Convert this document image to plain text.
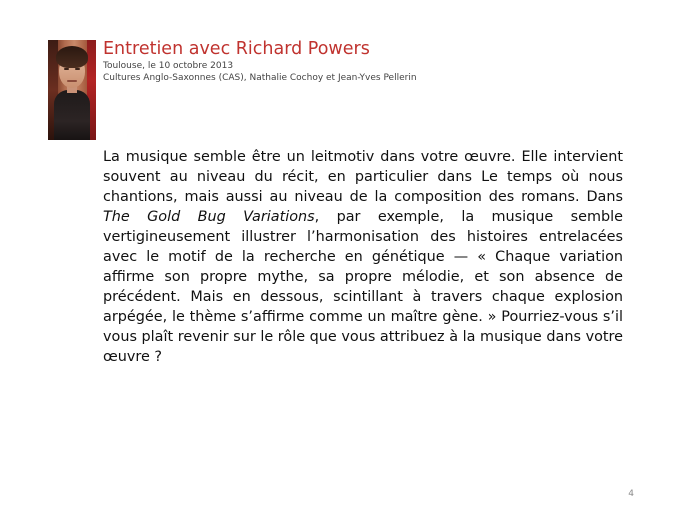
Entretien avec Richard Powers
Toulouse, le 10 octobre 2013
Cultures Anglo-Saxonnes (CAS), Nathalie Cochoy et Jean-Yves Pellerin

La musique semble être un leitmotiv dans votre œuvre. Elle intervient souvent au niveau du récit, en particulier dans Le temps où nous chantions, mais aussi au niveau de la composition des romans. Dans The Gold Bug Variations, par exemple, la musique semble vertigineusement illustrer l’harmonisation des histoires entrelacées avec le motif de la recherche en génétique — « Chaque variation affirme son propre mythe, sa propre mélodie, et son absence de précédent. Mais en dessous, scintillant à travers chaque explosion arpégée, le thème s’affirme comme un maître gène. » Pourriez-vous s’il vous plaît revenir sur le rôle que vous attribuez à la musique dans votre œuvre ?

4
